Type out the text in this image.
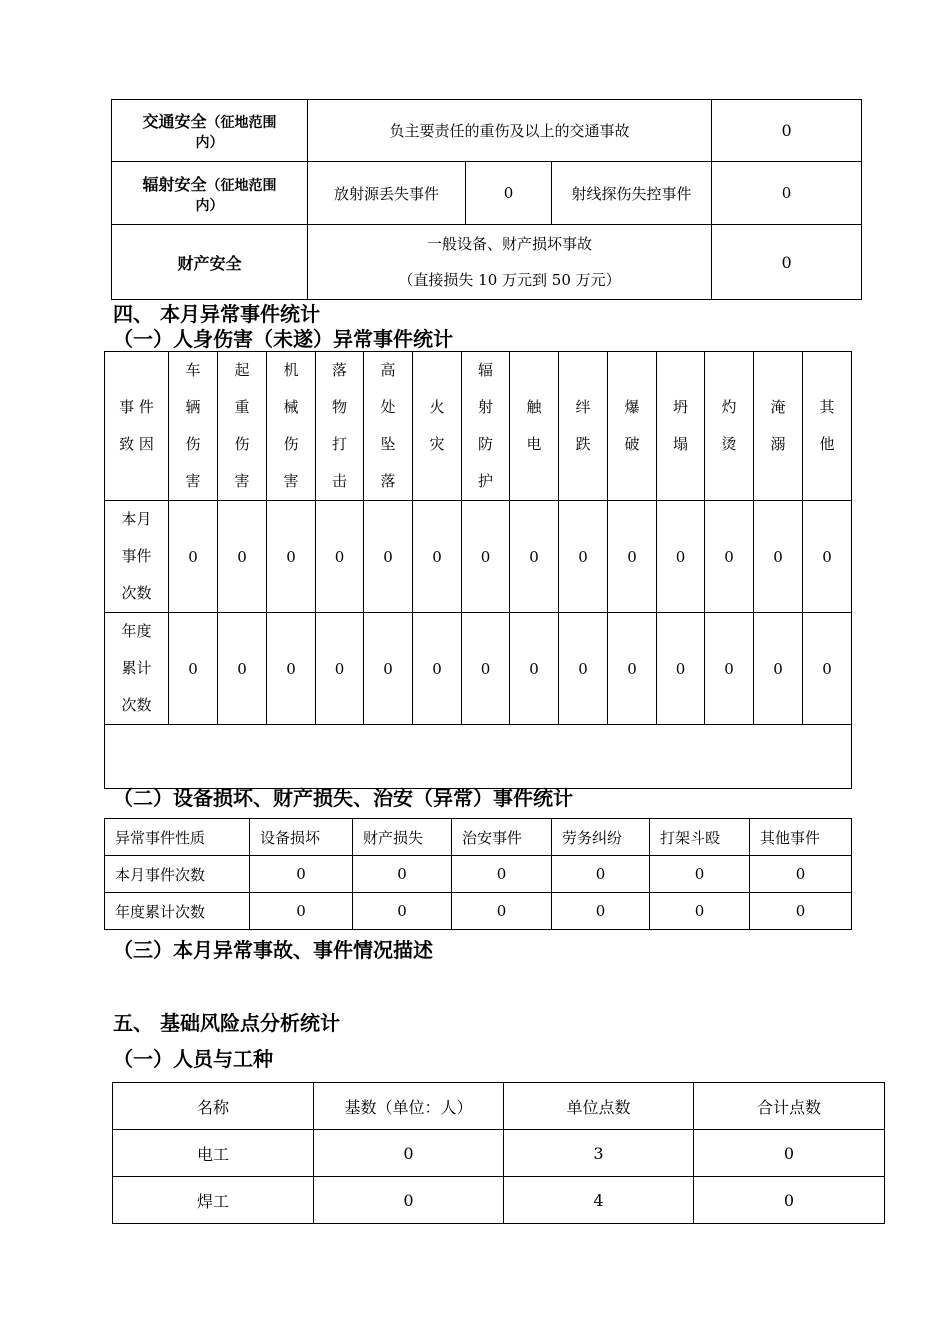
交通安全（征地范围
内）	负主要责任的重伤及以上的交通事故			0
辐射安全（征地范围
内）	放射源丢失事件	0	射线探伤失控事件	0
财产安全	一般设备、财产损坏事故
（直接损失 10 万元到 50 万元）			0
四、 本月异常事件统计
（一）人身伤害（未遂）异常事件统计
事 件
致 因	车
辆
伤
害	起
重
伤
害	机
械
伤
害	落
物
打
击	高
处
坠
落	火
灾	辐
射
防
护	触
电	绊
跌	爆
破	坍
塌	灼
烫	淹
溺	其
他

本月
事件
次数	0	0	0	0	0	0	0	0	0	0	0	0	0	0

年度
累计
次数	0	0	0	0	0	0	0	0	0	0	0	0	0	0

（二）设备损坏、财产损失、治安（异常）事件统计
异常事件性质	设备损坏	财产损失	治安事件	劳务纠纷	打架斗殴	其他事件
本月事件次数	0	0	0	0	0	0
年度累计次数	0	0	0	0	0	0
（三）本月异常事故、事件情况描述
五、 基础风险点分析统计
（一）人员与工种
名称	基数（单位：人）	单位点数	合计点数
电工	0	3	0
焊工	0	4	0
